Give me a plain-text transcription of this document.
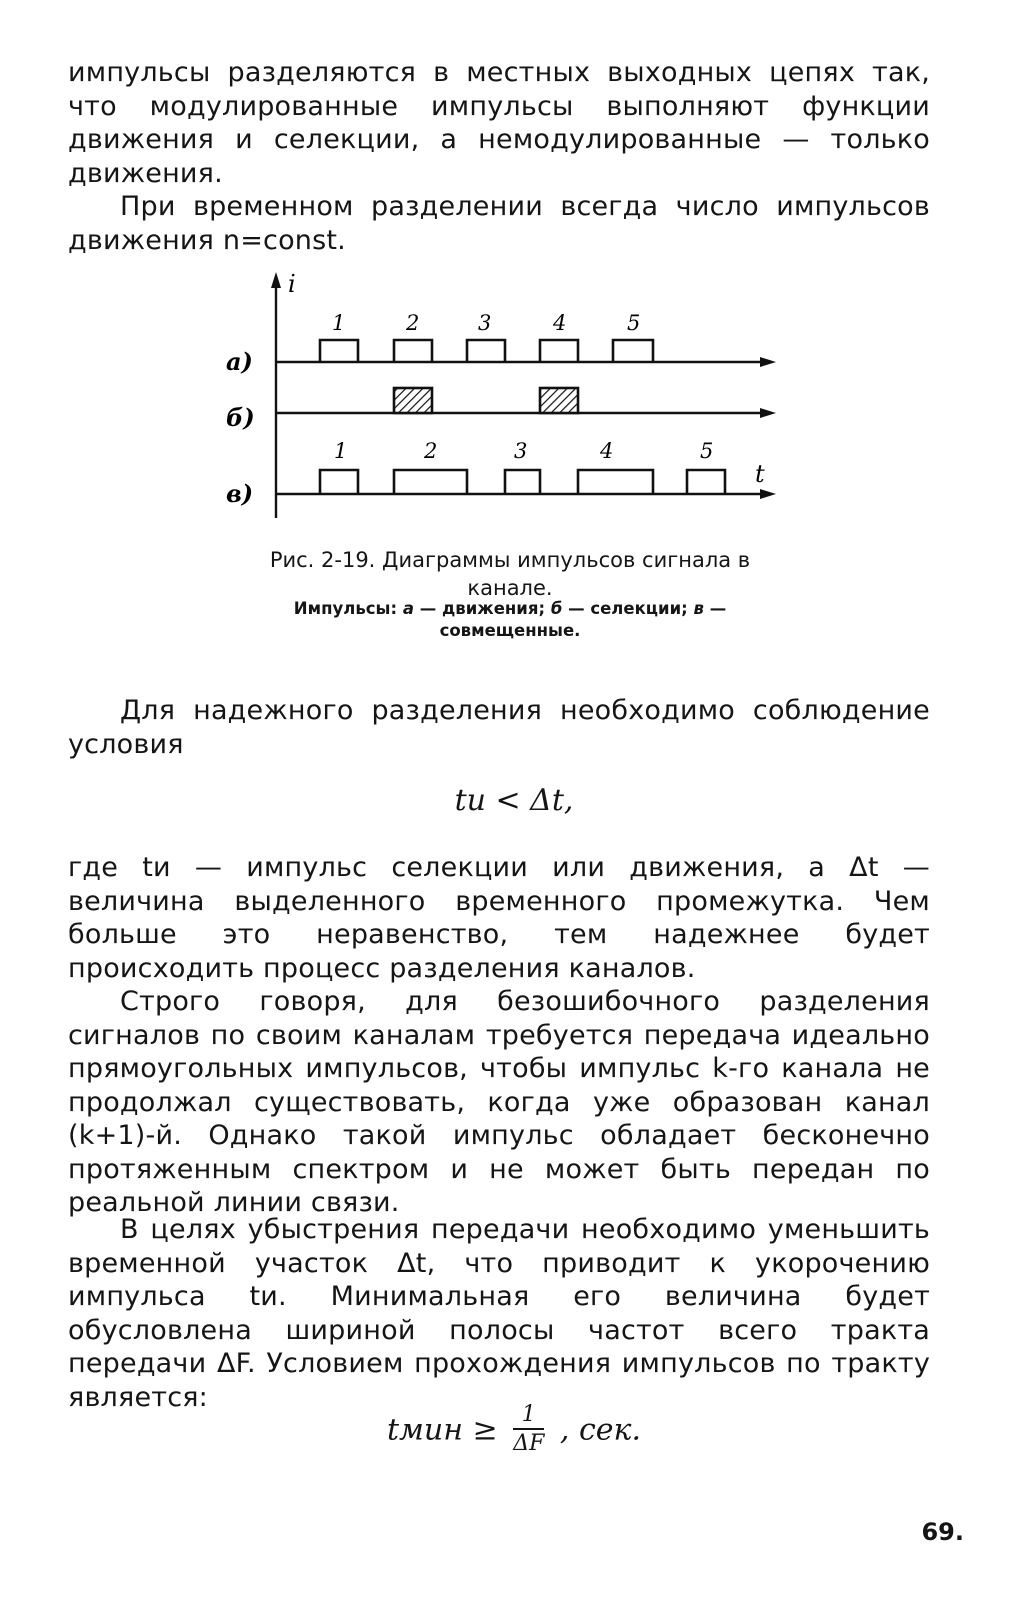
импульсы разделяются в местных выходных цепях так, что модулированные импульсы выполняют функции движения и селекции, а немодулированные — только движения.

При временном разделении всегда число импульсов движения n=const.

i
1	2	3	4	5
а)
б)
1	2	3	4	5
t
в)
Рис. 2-19. Диаграммы импульсов сигнала в канале.
Импульсы: а — движения; б — селекции; в — совмещенные.

Для надежного разделения необходимо соблюдение условия

tи < Δt,

где tи — импульс селекции или движения, а Δt — величина выделенного временного промежутка. Чем больше это неравенство, тем надежнее будет происходить процесс разделения каналов.

Строго говоря, для безошибочного разделения сигналов по своим каналам требуется передача идеально прямоугольных импульсов, чтобы импульс k-го канала не продолжал существовать, когда уже образован канал (k+1)-й. Однако такой импульс обладает бесконечно протяженным спектром и не может быть передан по реальной линии связи.

В целях убыстрения передачи необходимо уменьшить временной участок Δt, что приводит к укорочению импульса tи. Минимальная его величина будет обусловлена шириной полосы частот всего тракта передачи ΔF. Условием прохождения импульсов по тракту является:

tмин ≥ $\frac{1}{\Delta F}$ , сек.
69.
